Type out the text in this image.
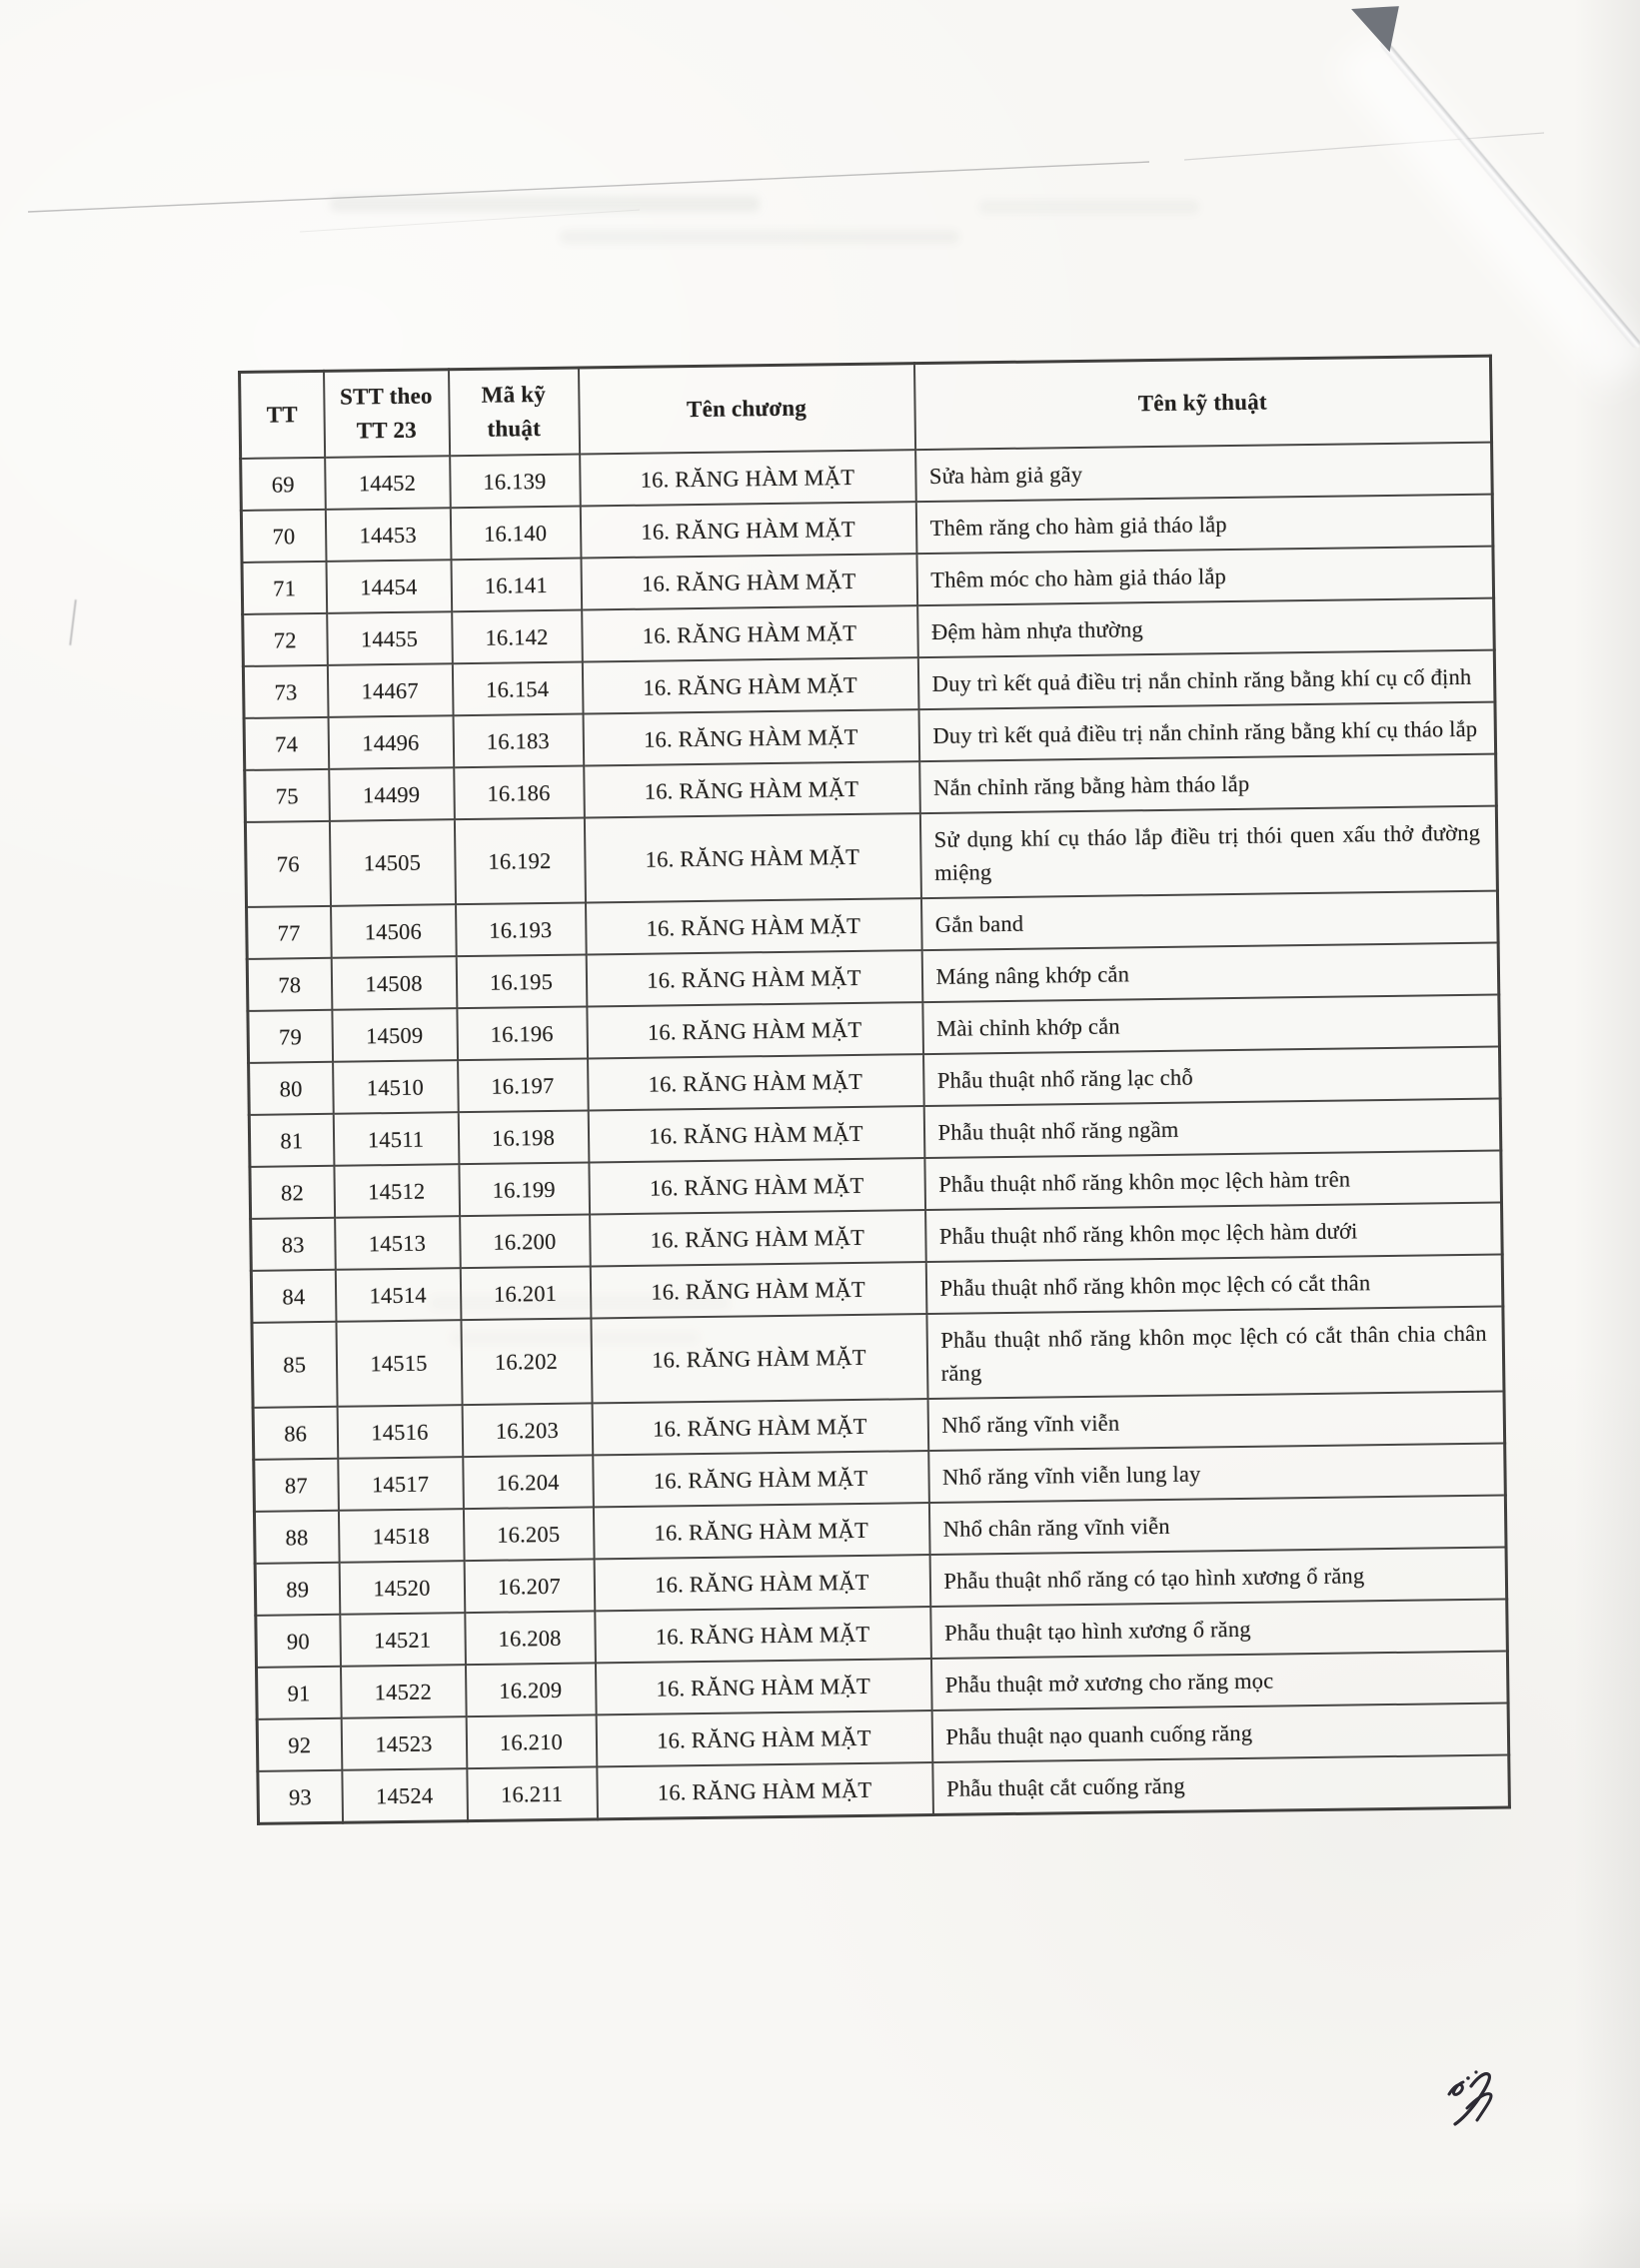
TT	STT theo TT 23	Mã kỹ thuật	Tên chương	Tên kỹ thuật
69	14452	16.139	16. RĂNG HÀM MẶT	Sửa hàm giả gãy
70	14453	16.140	16. RĂNG HÀM MẶT	Thêm răng cho hàm giả tháo lắp
71	14454	16.141	16. RĂNG HÀM MẶT	Thêm móc cho hàm giả tháo lắp
72	14455	16.142	16. RĂNG HÀM MẶT	Đệm hàm nhựa thường
73	14467	16.154	16. RĂNG HÀM MẶT	Duy trì kết quả điều trị nắn chỉnh răng bằng khí cụ cố định
74	14496	16.183	16. RĂNG HÀM MẶT	Duy trì kết quả điều trị nắn chỉnh răng bằng khí cụ tháo lắp
75	14499	16.186	16. RĂNG HÀM MẶT	Nắn chỉnh răng bằng hàm tháo lắp
76	14505	16.192	16. RĂNG HÀM MẶT	Sử dụng khí cụ tháo lắp điều trị thói quen xấu thở đường miệng
77	14506	16.193	16. RĂNG HÀM MẶT	Gắn band
78	14508	16.195	16. RĂNG HÀM MẶT	Máng nâng khớp cắn
79	14509	16.196	16. RĂNG HÀM MẶT	Mài chỉnh khớp cắn
80	14510	16.197	16. RĂNG HÀM MẶT	Phẫu thuật nhổ răng lạc chỗ
81	14511	16.198	16. RĂNG HÀM MẶT	Phẫu thuật nhổ răng ngầm
82	14512	16.199	16. RĂNG HÀM MẶT	Phẫu thuật nhổ răng khôn mọc lệch hàm trên
83	14513	16.200	16. RĂNG HÀM MẶT	Phẫu thuật nhổ răng khôn mọc lệch hàm dưới
84	14514	16.201	16. RĂNG HÀM MẶT	Phẫu thuật nhổ răng khôn mọc lệch có cắt thân
85	14515	16.202	16. RĂNG HÀM MẶT	Phẫu thuật nhổ răng khôn mọc lệch có cắt thân chia chân răng
86	14516	16.203	16. RĂNG HÀM MẶT	Nhổ răng vĩnh viễn
87	14517	16.204	16. RĂNG HÀM MẶT	Nhổ răng vĩnh viễn lung lay
88	14518	16.205	16. RĂNG HÀM MẶT	Nhổ chân răng vĩnh viễn
89	14520	16.207	16. RĂNG HÀM MẶT	Phẫu thuật nhổ răng có tạo hình xương ổ răng
90	14521	16.208	16. RĂNG HÀM MẶT	Phẫu thuật tạo hình xương ổ răng
91	14522	16.209	16. RĂNG HÀM MẶT	Phẫu thuật mở xương cho răng mọc
92	14523	16.210	16. RĂNG HÀM MẶT	Phẫu thuật nạo quanh cuống răng
93	14524	16.211	16. RĂNG HÀM MẶT	Phẫu thuật cắt cuống răng
